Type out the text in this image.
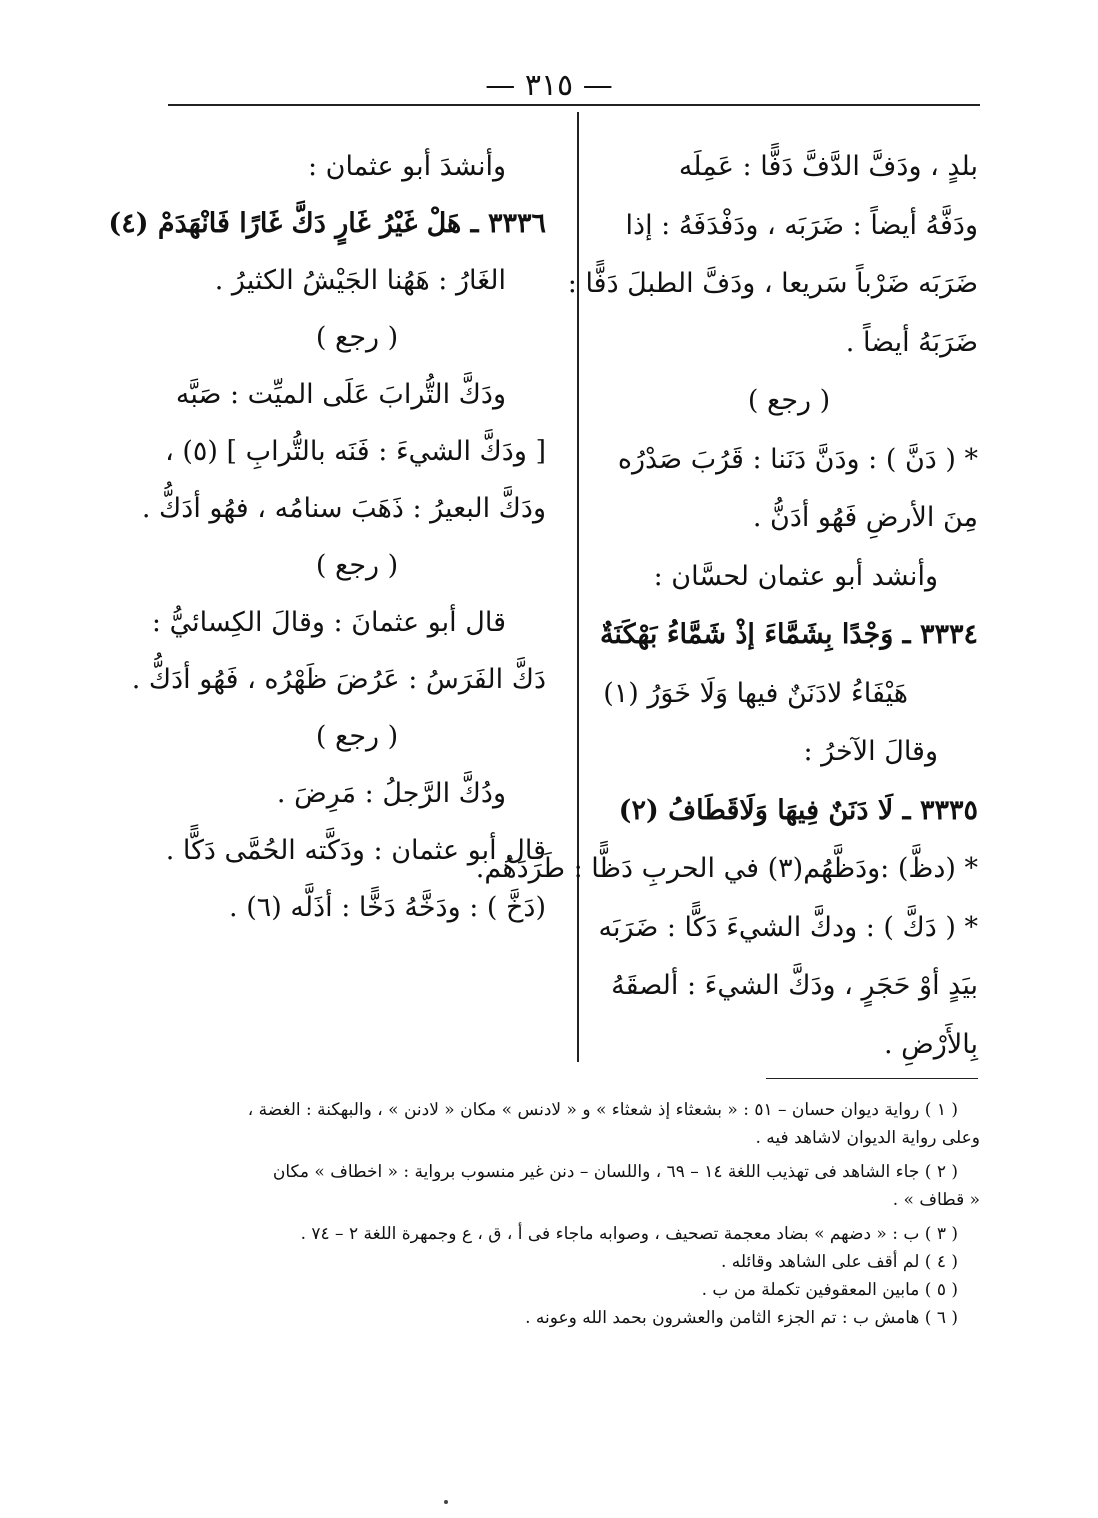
— ٣١٥ —
بلدٍ ، ودَفَّ الدَّفَّ دَفًّا : عَمِلَه
ودَفَّهُ أيضاً : ضَرَبَه ، ودَفْدَفَهُ : إذا
ضَرَبَه ضَرْباً سَريعا ، ودَفَّ الطبلَ دَفًّا :
ضَرَبَهُ أيضاً .
( رجع )
* ( دَنَّ ) : ودَنَّ دَنَنا : قَرُبَ صَدْرُه
مِنَ الأرضِ فَهُو أدَنُّ .
وأنشد أبو عثمان لحسَّان :
٣٣٣٤ ـ وَجْدًا بِشَمَّاءَ إذْ شَمَّاءُ بَهْكَنَةٌ
هَيْفَاءُ لادَنَنٌ فيها وَلَا خَوَرُ (١)
وقالَ الآخرُ :
٣٣٣٥ ـ لَا دَنَنٌ فِيهَا وَلَاقَطَافُ (٢)
* (دظَّ) :ودَظَّهُم(٣) في الحربِ دَظًّا : طَرَدَهُم.
* ( دَكَّ ) : ودكَّ الشيءَ دَكًّا : ضَرَبَه
بيَدٍ أوْ حَجَرٍ ، ودَكَّ الشيءَ : ألصقَهُ
بِالأَرْضِ .
وأنشدَ أبو عثمان :
٣٣٣٦ ـ هَلْ غَيْرُ غَارٍ دَكَّ غَارًا فَانْهَدَمْ (٤)
الغَارُ : هَهُنا الجَيْشُ الكثيرُ .
( رجع )
ودَكَّ التُّرابَ عَلَى الميِّت : صَبَّه
[ ودَكَّ الشيءَ : فَنَه بالتُّرابِ ] (٥) ،
ودَكَّ البعيرُ : ذَهَبَ سنامُه ، فهُو أدَكُّ .
( رجع )
قال أبو عثمانَ : وقالَ الكِسائيُّ :
دَكَّ الفَرَسُ : عَرُضَ ظَهْرُه ، فَهُو أدَكُّ .
( رجع )
ودُكَّ الرَّجلُ : مَرِضَ .
قال أبو عثمان : ودَكَّته الحُمَّى دَكًّا .
(دَخَّ ) : ودَخَّهُ دَخًّا : أذَلَّه (٦) .
( ١ ) رواية ديوان حسان – ٥١ : « بشعثاء إذ شعثاء » و « لادنس » مكان « لادنن » ، والبهكنة : الغضة ،
وعلى رواية الديوان لاشاهد فيه .
( ٢ ) جاء الشاهد فى تهذيب اللغة ١٤ – ٦٩ ، واللسان – دنن غير منسوب برواية : « اخطاف » مكان
« قطاف » .
( ٣ ) ب : « دضهم » بضاد معجمة تصحيف ، وصوابه ماجاء فى أ ، ق ، ع وجمهرة اللغة ٢ – ٧٤ .
( ٤ ) لم أقف على الشاهد وقائله .
( ٥ ) مابين المعقوفين تكملة من ب .
( ٦ ) هامش ب : تم الجزء الثامن والعشرون بحمد الله وعونه .
